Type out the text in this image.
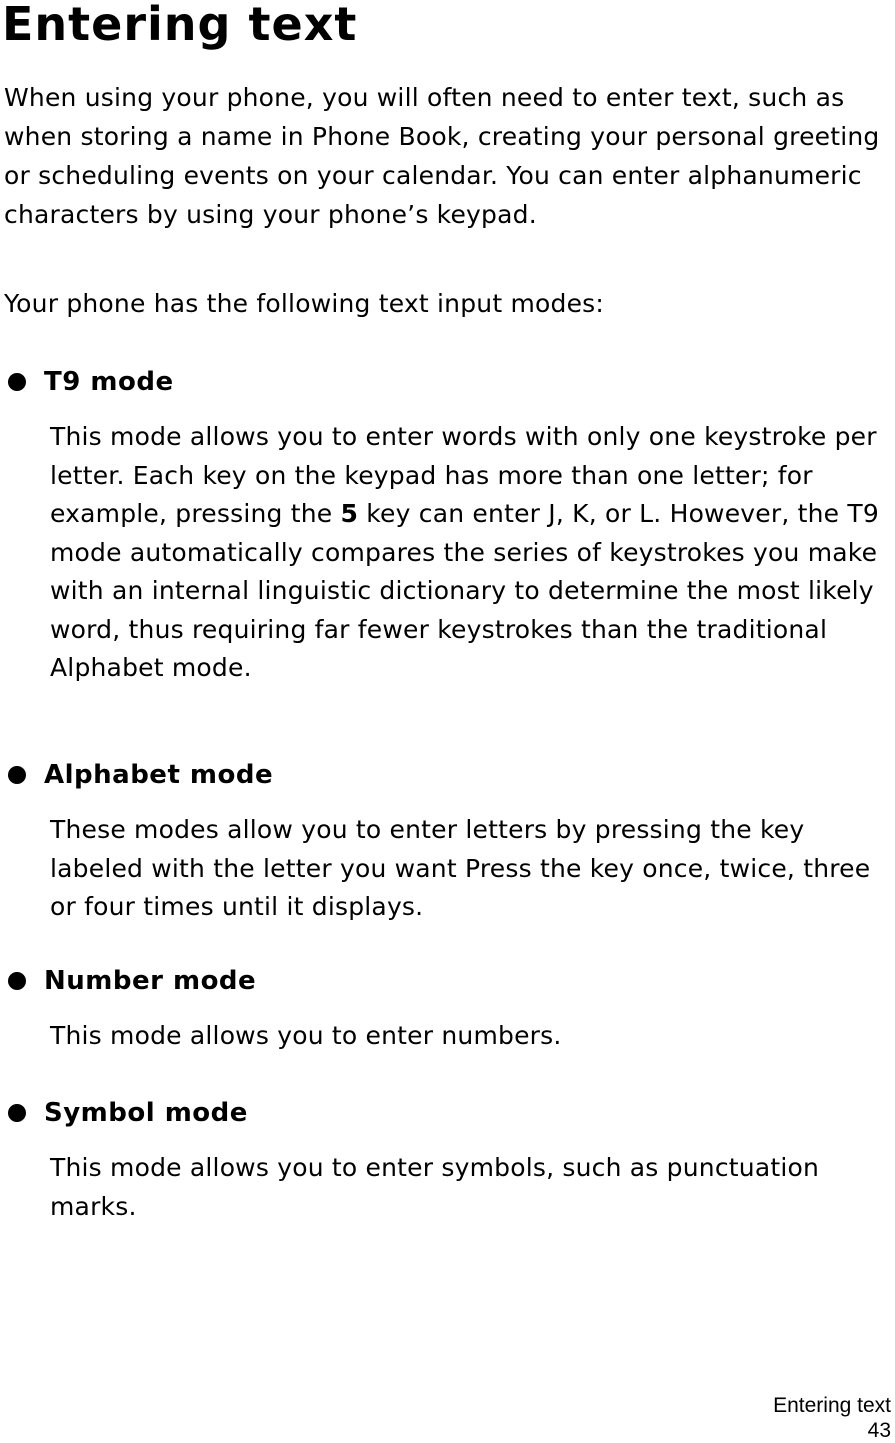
Entering text

When using your phone, you will often need to enter text, such as when storing a name in Phone Book, creating your personal greeting or scheduling events on your calendar. You can enter alphanumeric characters by using your phone’s keypad.

Your phone has the following text input modes:

T9 mode

This mode allows you to enter words with only one keystroke per letter. Each key on the keypad has more than one letter; for example, pressing the 5 key can enter J, K, or L. However, the T9 mode automatically compares the series of keystrokes you make with an internal linguistic dictionary to determine the most likely word, thus requiring far fewer keystrokes than the traditional Alphabet mode.

Alphabet mode

These modes allow you to enter letters by pressing the key labeled with the letter you want Press the key once, twice, three or four times until it displays.

Number mode

This mode allows you to enter numbers.

Symbol mode

This mode allows you to enter symbols, such as punctuation marks.

Entering text
43
